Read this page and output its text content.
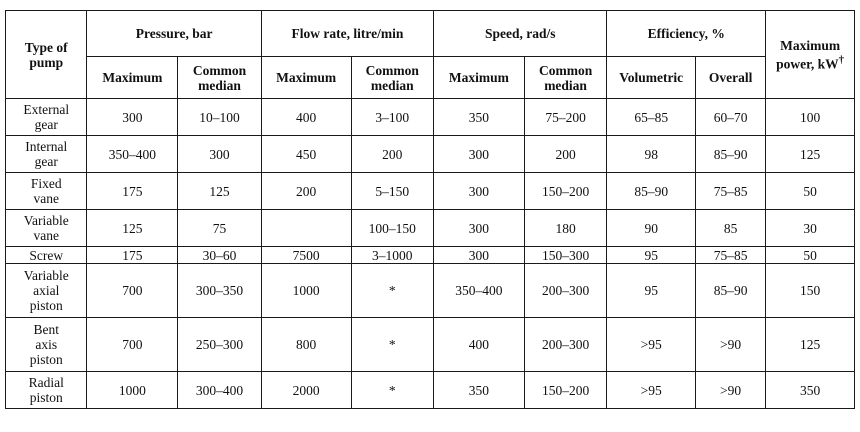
Type of pump	Pressure, bar		Flow rate, litre/min		Speed, rad/s		Efficiency, %		Maximum power, kW†
	Maximum	Common median	Maximum	Common median	Maximum	Common median	Volumetric	Overall	

External
gear	300	10–100	400	3–100	350	75–200	65–85	60–70	100

Internal
gear	350–400	300	450	200	300	200	98	85–90	125

Fixed
vane	175	125	200	5–150	300	150–200	85–90	75–85	50

Variable
vane	125	75		100–150	300	180	90	85	30

Screw	175	30–60	7500	3–1000	300	150–300	95	75–85	50

Variable
axial
piston	700	300–350	1000	*	350–400	200–300	95	85–90	150

Bent
axis
piston	700	250–300	800	*	400	200–300	>95	>90	125

Radial
piston	1000	300–400	2000	*	350	150–200	>95	>90	350
